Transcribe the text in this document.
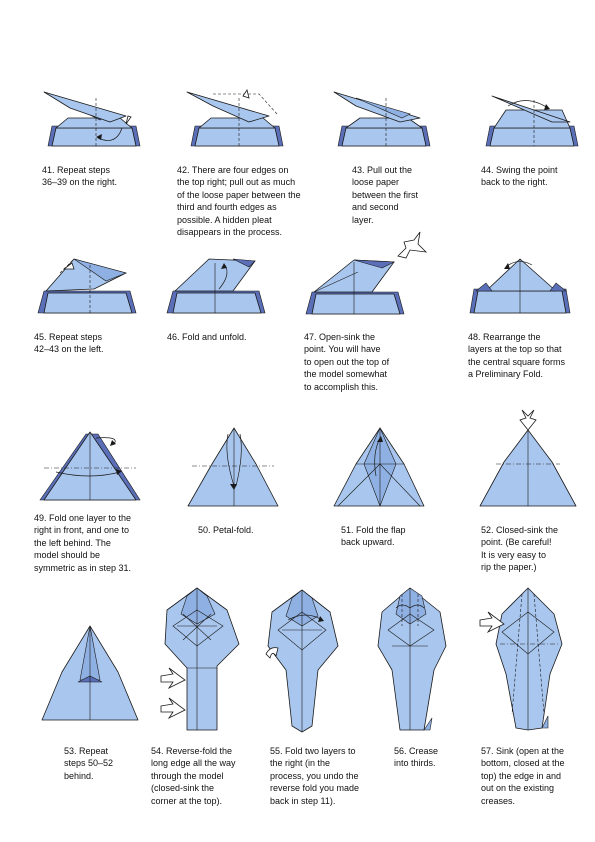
41. Repeat steps
36–39 on the right.
42. There are four edges on
the top right; pull out as much
of the loose paper between the
third and fourth edges as
possible. A hidden pleat
disappears in the process.
43. Pull out the
loose paper
between the first
and second
layer.
44. Swing the point
back to the right.
45. Repeat steps
42–43 on the left.
46. Fold and unfold.	47. Open-sink the
point. You will have
to open out the top of
the model somewhat
to accomplish this.
48. Rearrange the
layers at the top so that
the central square forms
a Preliminary Fold.
49. Fold one layer to the
right in front, and one to
the left behind. The
model should be
symmetric as in step 31.
50. Petal-fold.	51. Fold the flap
back upward.
52. Closed-sink the
point. (Be careful!
It is very easy to
rip the paper.)
53. Repeat
steps 50–52
behind.
54. Reverse-fold the
long edge all the way
through the model
(closed-sink the
corner at the top).
55. Fold two layers to
the right (in the
process, you undo the
reverse fold you made
back in step 11).
56. Crease
into thirds.
57. Sink (open at the
bottom, closed at the
top) the edge in and
out on the existing
creases.
